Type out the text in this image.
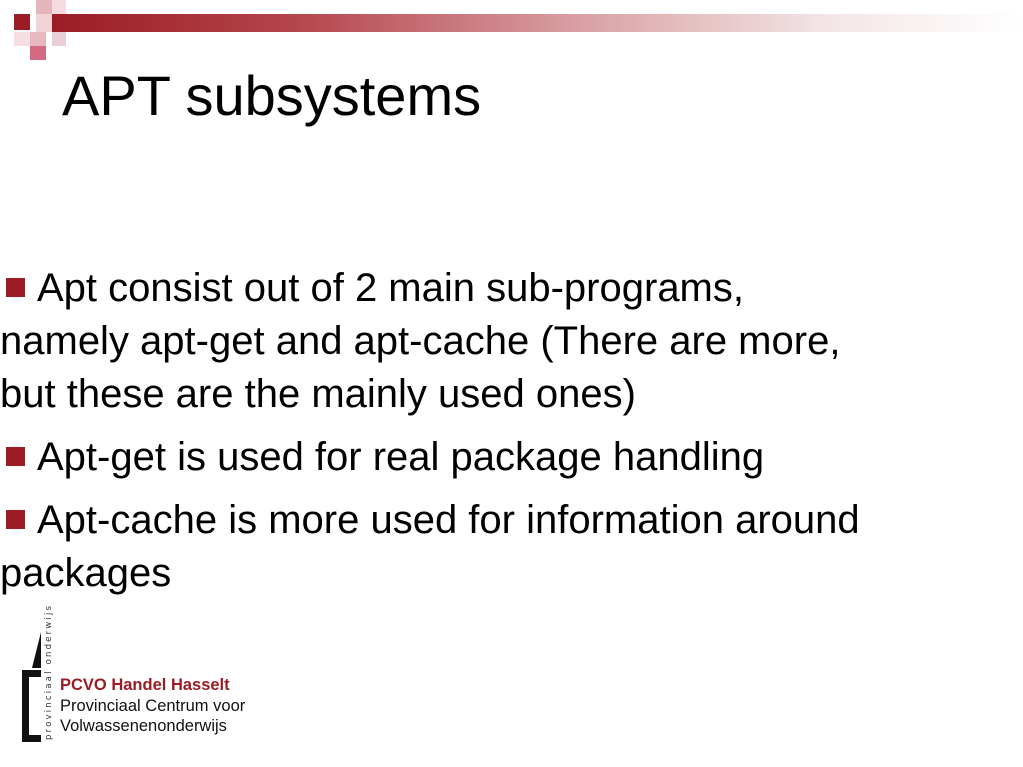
APT subsystems
Apt consist out of 2 main sub-programs, namely apt-get and apt-cache (There are more, but these are the mainly used ones)
Apt-get is used for real package handling
Apt-cache is more used for information around packages
provinciaal onderwijs PCVO Handel Hasselt
Provinciaal Centrum voor
Volwassenenonderwijs
